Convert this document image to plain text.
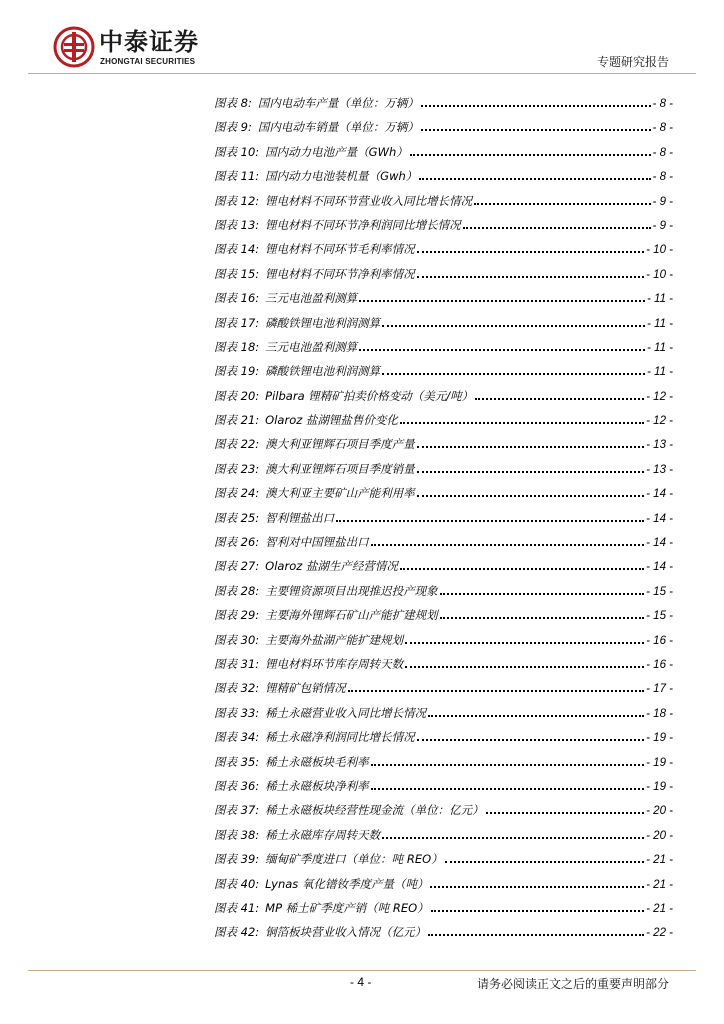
中泰证券
ZHONGTAI SECURITIES	专题研究报告
图表 8: 国内电动车产量（单位：万辆）	- 8 -
图表 9: 国内电动车销量（单位：万辆）	- 8 -
图表 10: 国内动力电池产量（GWh）	- 8 -
图表 11: 国内动力电池装机量（Gwh）	- 8 -
图表 12: 锂电材料不同环节营业收入同比增长情况	- 9 -
图表 13: 锂电材料不同环节净利润同比增长情况	- 9 -
图表 14: 锂电材料不同环节毛利率情况	- 10 -
图表 15: 锂电材料不同环节净利率情况	- 10 -
图表 16: 三元电池盈利测算	- 11 -
图表 17: 磷酸铁锂电池利润测算	- 11 -
图表 18: 三元电池盈利测算	- 11 -
图表 19: 磷酸铁锂电池利润测算	- 11 -
图表 20: Pilbara 锂精矿拍卖价格变动（美元/吨）	- 12 -
图表 21: Olaroz 盐湖锂盐售价变化	- 12 -
图表 22: 澳大利亚锂辉石项目季度产量	- 13 -
图表 23: 澳大利亚锂辉石项目季度销量	- 13 -
图表 24: 澳大利亚主要矿山产能利用率	- 14 -
图表 25: 智利锂盐出口	- 14 -
图表 26: 智利对中国锂盐出口	- 14 -
图表 27: Olaroz 盐湖生产经营情况	- 14 -
图表 28: 主要锂资源项目出现推迟投产现象	- 15 -
图表 29: 主要海外锂辉石矿山产能扩建规划	- 15 -
图表 30: 主要海外盐湖产能扩建规划	- 16 -
图表 31: 锂电材料环节库存周转天数	- 16 -
图表 32: 锂精矿包销情况	- 17 -
图表 33: 稀土永磁营业收入同比增长情况	- 18 -
图表 34: 稀土永磁净利润同比增长情况	- 19 -
图表 35: 稀土永磁板块毛利率	- 19 -
图表 36: 稀土永磁板块净利率	- 19 -
图表 37: 稀土永磁板块经营性现金流（单位：亿元）	- 20 -
图表 38: 稀土永磁库存周转天数	- 20 -
图表 39: 缅甸矿季度进口（单位：吨 REO）	- 21 -
图表 40: Lynas 氧化镨钕季度产量（吨）	- 21 -
图表 41: MP 稀土矿季度产销（吨 REO）	- 21 -
图表 42: 铜箔板块营业收入情况（亿元）	- 22 -
- 4 -	请务必阅读正文之后的重要声明部分
